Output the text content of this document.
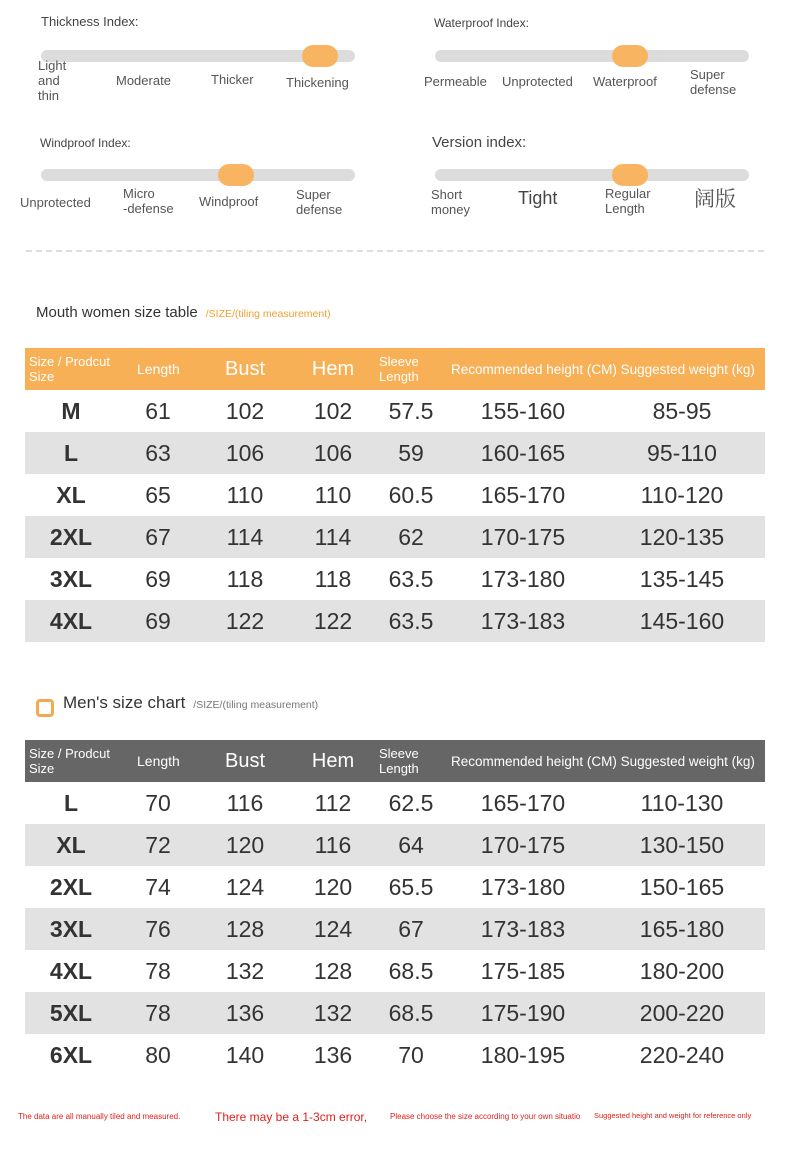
Thickness Index:
Light
and
thin
Moderate	Thicker Thickening
Waterproof Index:
Permeable Unprotected Waterproof	Super
defense
Windproof Index:
Unprotected
Micro
-defense Windproof	Super
defense
Version index:
Short
money
Tight	Regular
Length 阔版
Mouth women size table /SIZE/(tiling measurement)
Size / Prodcut Size	Length	Bust	Hem	Sleeve Length	Recommended height (CM) Suggested weight (kg)	
M	61	102	102	57.5	155-160	85-95
L	63	106	106	59	160-165	95-110
XL	65	110	110	60.5	165-170	110-120
2XL	67	114	114	62	170-175	120-135
3XL	69	118	118	63.5	173-180	135-145
4XL	69	122	122	63.5	173-183	145-160
Men's size chart /SIZE/(tiling measurement)
Size / Prodcut Size	Length	Bust	Hem	Sleeve Length	Recommended height (CM) Suggested weight (kg)	
L	70	116	112	62.5	165-170	110-130
XL	72	120	116	64	170-175	130-150
2XL	74	124	120	65.5	173-180	150-165
3XL	76	128	124	67	173-183	165-180
4XL	78	132	128	68.5	175-185	180-200
5XL	78	136	132	68.5	175-190	200-220
6XL	80	140	136	70	180-195	220-240
The data are all manually tiled and measured.	There may be a 1-3cm error,	Please choose the size according to your own situatio Suggested height and weight for reference only
